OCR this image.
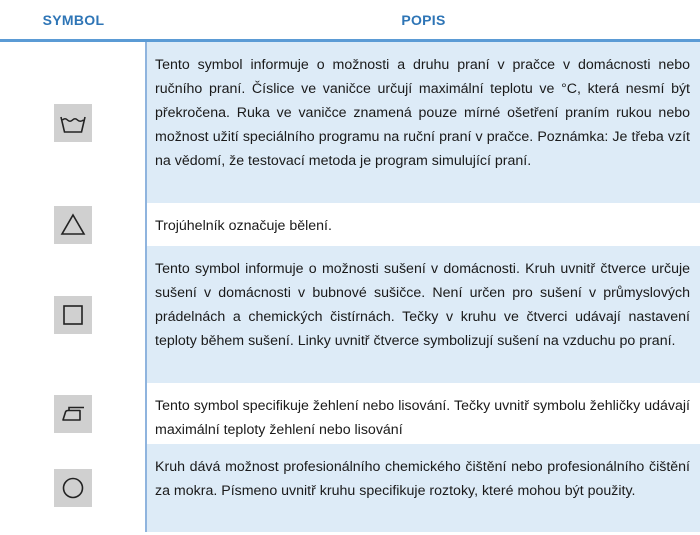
SYMBOL	POPIS
Tento symbol informuje o možnosti a druhu praní v pračce v domácnosti nebo ručního praní. Číslice ve vaničce určují maximální teplotu ve °C, která nesmí být překročena. Ruka ve vaničce znamená pouze mírné ošetření praním rukou nebo možnost užití speciálního programu na ruční praní v pračce. Poznámka: Je třeba vzít na vědomí, že testovací metoda je program simulující praní.
Trojúhelník označuje bělení.
Tento symbol informuje o možnosti sušení v domácnosti. Kruh uvnitř čtverce určuje sušení v domácnosti v bubnové sušičce. Není určen pro sušení v průmyslových prádelnách a chemických čistírnách. Tečky v kruhu ve čtverci udávají nastavení teploty během sušení. Linky uvnitř čtverce symbolizují sušení na vzduchu po praní.
Tento symbol specifikuje žehlení nebo lisování. Tečky uvnitř symbolu žehličky udávají maximální teploty žehlení nebo lisování
Kruh dává možnost profesionálního chemického čištění nebo profesionálního čištění za mokra. Písmeno uvnitř kruhu specifikuje roztoky, které mohou být použity.
